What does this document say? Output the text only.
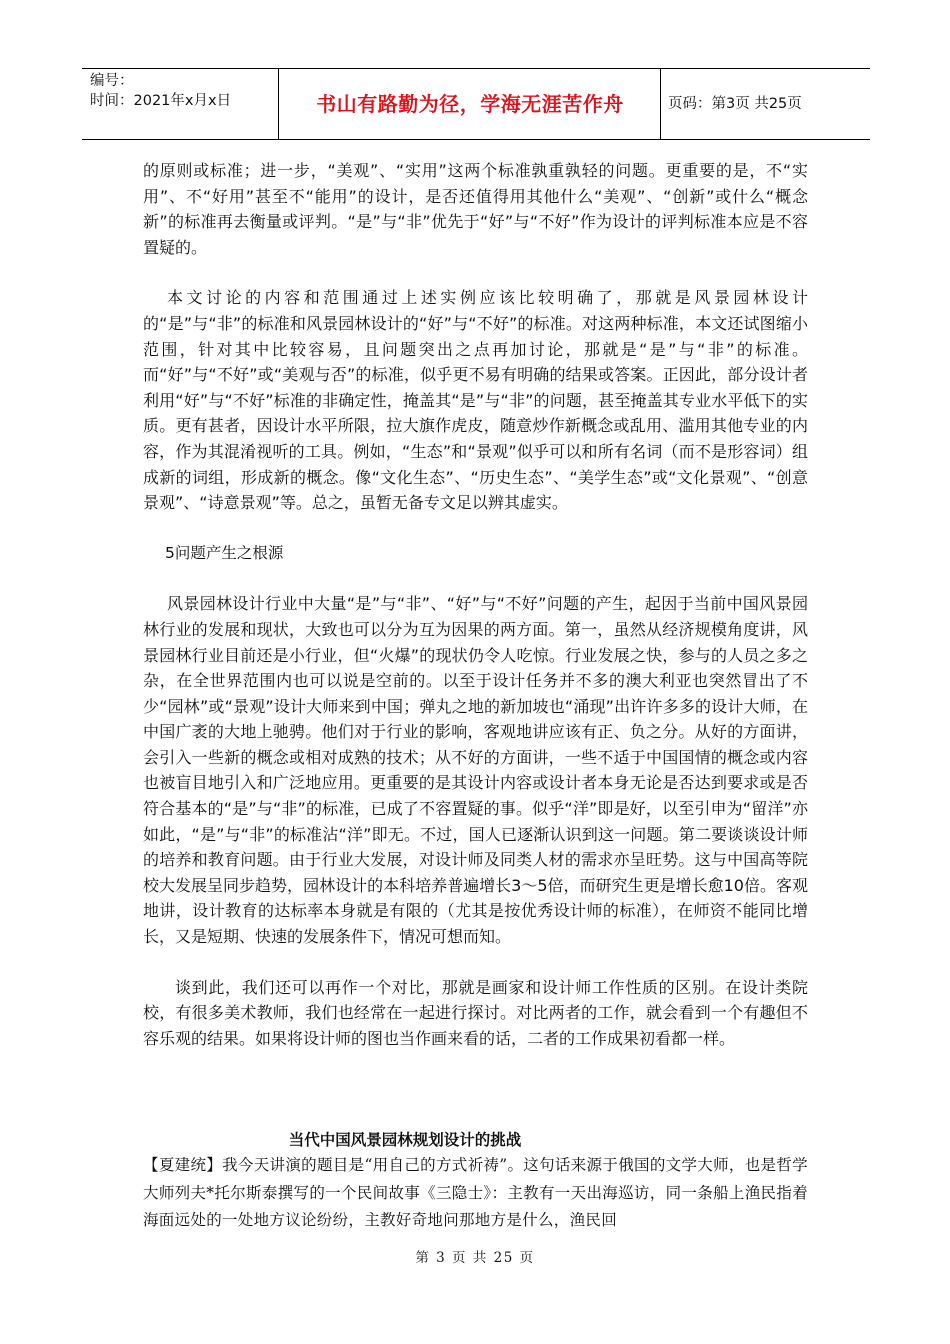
编号：
时间：2021年x月x日	书山有路勤为径，学海无涯苦作舟	页码：第3页 共25页

的原则或标准；进一步，“美观”、“实用”这两个标准孰重孰轻的问题。更重要的是，不“实用”、不“好用”甚至不“能用”的设计，是否还值得用其他什么“美观”、“创新”或什么“概念新”的标准再去衡量或评判。“是”与“非”优先于“好”与“不好”作为设计的评判标准本应是不容置疑的。

本文讨论的内容和范围通过上述实例应该比较明确了，那就是风景园林设计的“是”与“非”的标准和风景园林设计的“好”与“不好”的标准。对这两种标准，本文还试图缩小范围，针对其中比较容易，且问题突出之点再加讨论，那就是“是”与“非”的标准。而“好”与“不好”或“美观与否”的标准，似乎更不易有明确的结果或答案。正因此，部分设计者利用“好”与“不好”标准的非确定性，掩盖其“是”与“非”的问题，甚至掩盖其专业水平低下的实质。更有甚者，因设计水平所限，拉大旗作虎皮，随意炒作新概念或乱用、滥用其他专业的内容，作为其混淆视听的工具。例如，“生态”和“景观”似乎可以和所有名词（而不是形容词）组成新的词组，形成新的概念。像“文化生态”、“历史生态”、“美学生态”或“文化景观”、“创意景观”、“诗意景观”等。总之，虽暂无备专文足以辨其虚实。

5问题产生之根源

风景园林设计行业中大量“是”与“非”、“好”与“不好”问题的产生，起因于当前中国风景园林行业的发展和现状，大致也可以分为互为因果的两方面。第一，虽然从经济规模角度讲，风景园林行业目前还是小行业，但“火爆”的现状仍令人吃惊。行业发展之快，参与的人员之多之杂，在全世界范围内也可以说是空前的。以至于设计任务并不多的澳大利亚也突然冒出了不少“园林”或“景观”设计大师来到中国；弹丸之地的新加坡也“涌现”出许许多多的设计大师，在中国广袤的大地上驰骋。他们对于行业的影响，客观地讲应该有正、负之分。从好的方面讲，会引入一些新的概念或相对成熟的技术；从不好的方面讲，一些不适于中国国情的概念或内容也被盲目地引入和广泛地应用。更重要的是其设计内容或设计者本身无论是否达到要求或是否符合基本的“是”与“非”的标准，已成了不容置疑的事。似乎“洋”即是好，以至引申为“留洋”亦如此，“是”与“非”的标准沾“洋”即无。不过，国人已逐渐认识到这一问题。第二要谈谈设计师的培养和教育问题。由于行业大发展，对设计师及同类人材的需求亦呈旺势。这与中国高等院校大发展呈同步趋势，园林设计的本科培养普遍增长3～5倍，而研究生更是增长愈10倍。客观地讲，设计教育的达标率本身就是有限的（尤其是按优秀设计师的标准），在师资不能同比增长，又是短期、快速的发展条件下，情况可想而知。

谈到此，我们还可以再作一个对比，那就是画家和设计师工作性质的区别。在设计类院校，有很多美术教师，我们也经常在一起进行探讨。对比两者的工作，就会看到一个有趣但不容乐观的结果。如果将设计师的图也当作画来看的话，二者的工作成果初看都一样。

当代中国风景园林规划设计的挑战

【夏建统】我今天讲演的题目是“用自己的方式祈祷”。这句话来源于俄国的文学大师，也是哲学大师列夫*托尔斯泰撰写的一个民间故事《三隐士》：主教有一天出海巡访，同一条船上渔民指着海面远处的一处地方议论纷纷，主教好奇地问那地方是什么，渔民回

第 3 页 共 25 页
